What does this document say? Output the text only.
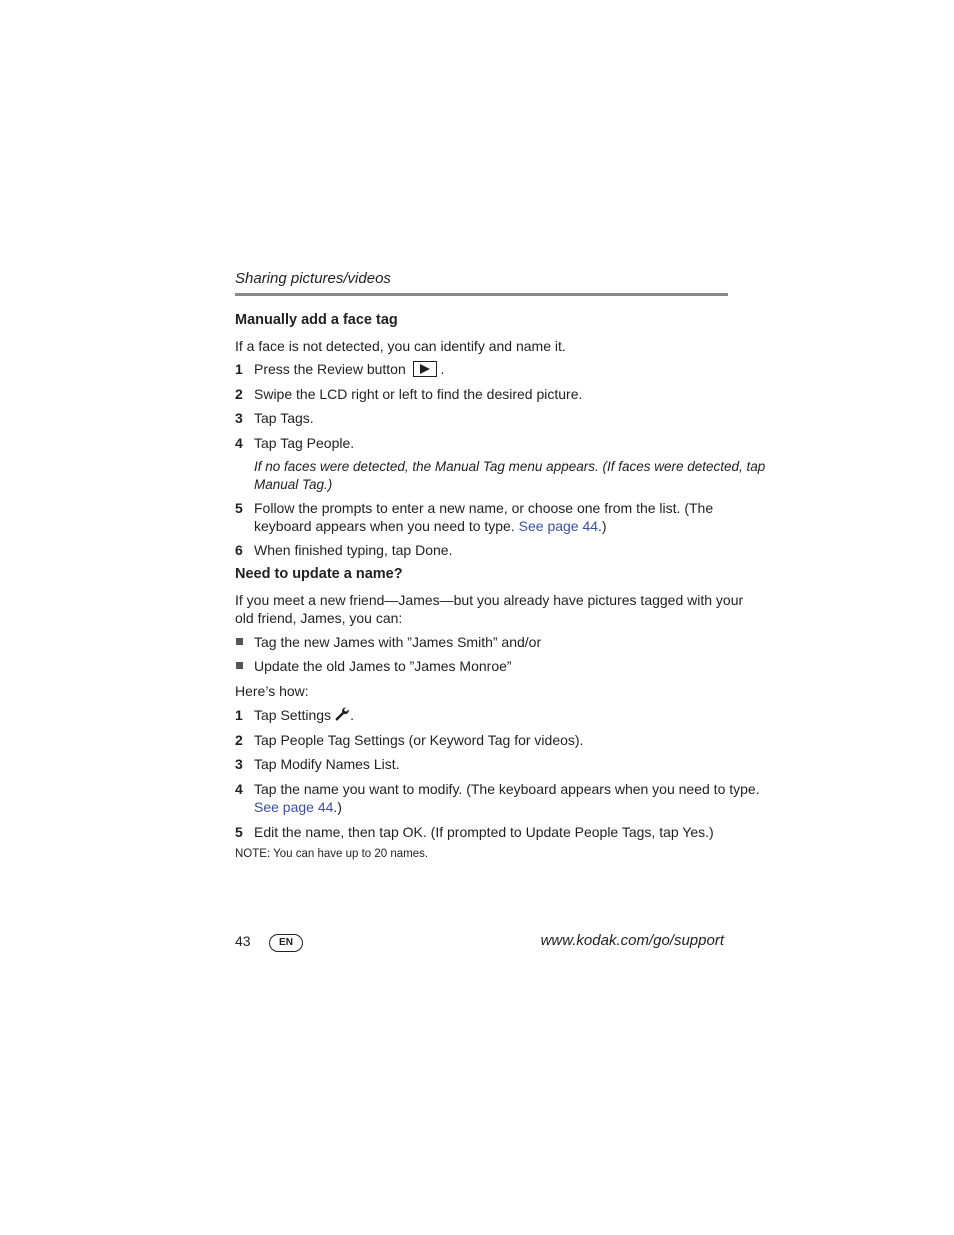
Sharing pictures/videos
Manually add a face tag
If a face is not detected, you can identify and name it.
1 Press the Review button .
2 Swipe the LCD right or left to find the desired picture.
3 Tap Tags.
4 Tap Tag People.
If no faces were detected, the Manual Tag menu appears. (If faces were detected, tap
Manual Tag.)
5 Follow the prompts to enter a new name, or choose one from the list. (The
keyboard appears when you need to type. See page 44.)
6 When finished typing, tap Done.
Need to update a name?
If you meet a new friend—James—but you already have pictures tagged with your
old friend, James, you can:
Tag the new James with ”James Smith” and/or
Update the old James to ”James Monroe”
Here’s how:
1 Tap Settings .
2 Tap People Tag Settings (or Keyword Tag for videos).
3 Tap Modify Names List.
4 Tap the name you want to modify. (The keyboard appears when you need to type.
See page 44.)
5 Edit the name, then tap OK. (If prompted to Update People Tags, tap Yes.)
NOTE: You can have up to 20 names.
43	EN	www.kodak.com/go/support
